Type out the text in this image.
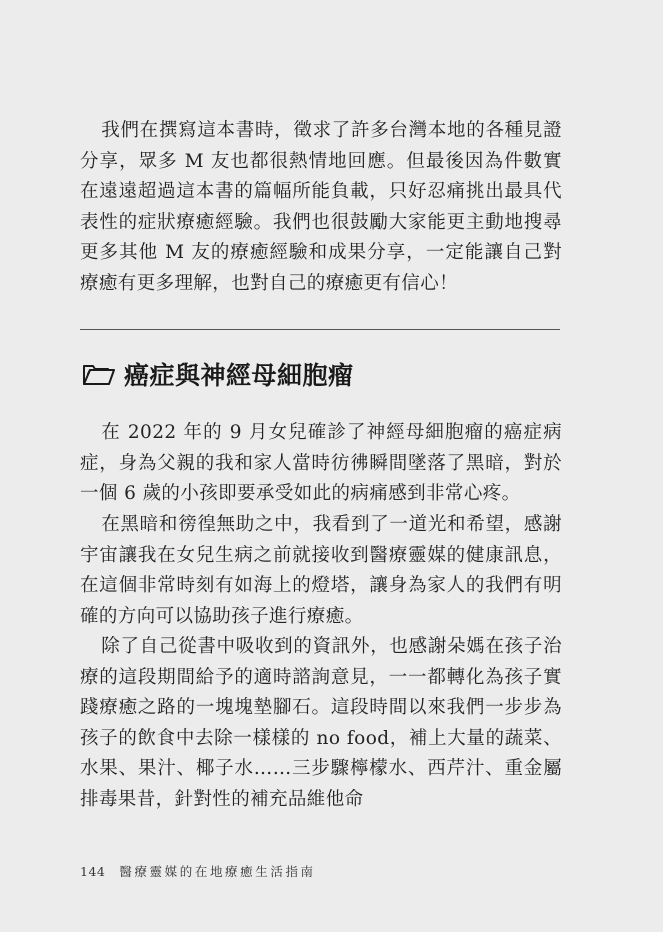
我們在撰寫這本書時，徵求了許多台灣本地的各種見證分享，眾多 M 友也都很熱情地回應。但最後因為件數實在遠遠超過這本書的篇幅所能負載，只好忍痛挑出最具代表性的症狀療癒經驗。我們也很鼓勵大家能更主動地搜尋更多其他 M 友的療癒經驗和成果分享，一定能讓自己對療癒有更多理解，也對自己的療癒更有信心！

癌症與神經母細胞瘤

在 2022 年的 9 月女兒確診了神經母細胞瘤的癌症病症，身為父親的我和家人當時彷彿瞬間墜落了黑暗，對於一個 6 歲的小孩即要承受如此的病痛感到非常心疼。

在黑暗和徬徨無助之中，我看到了一道光和希望，感謝宇宙讓我在女兒生病之前就接收到醫療靈媒的健康訊息，在這個非常時刻有如海上的燈塔，讓身為家人的我們有明確的方向可以協助孩子進行療癒。

除了自己從書中吸收到的資訊外，也感謝朵媽在孩子治療的這段期間給予的適時諮詢意見，一一都轉化為孩子實踐療癒之路的一塊塊墊腳石。這段時間以來我們一步步為孩子的飲食中去除一樣樣的 no food，補上大量的蔬菜、水果、果汁、椰子水……三步驟檸檬水、西芹汁、重金屬排毒果昔，針對性的補充品維他命

144 醫療靈媒的在地療癒生活指南
